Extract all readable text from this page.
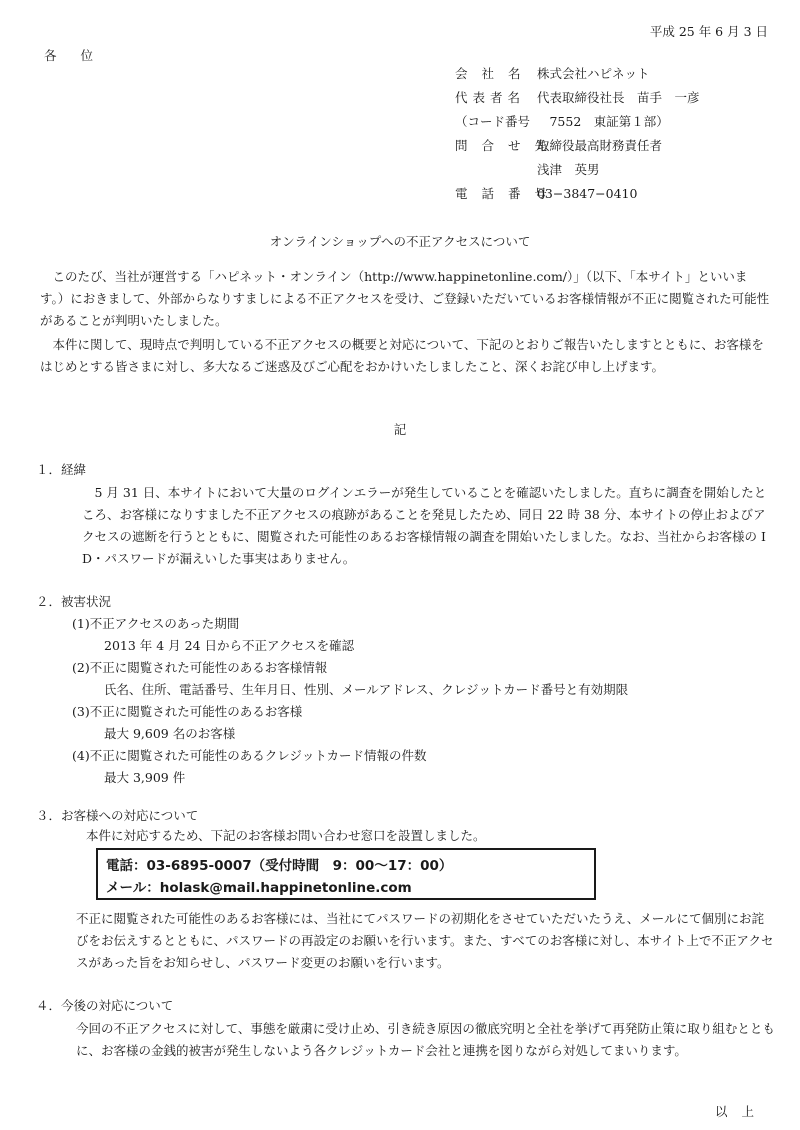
平成 25 年 6 月 3 日
各 位
会 社 名 株式会社ハピネット
代表者名 代表取締役社長　苗手　一彦
（コード番号 　7552　東証第１部）
問 合 せ 先 取締役最高財務責任者
浅津　英男
電 話 番 号 03−3847−0410
オンラインショップへの不正アクセスについて
このたび、当社が運営する「ハピネット・オンライン（http://www.happinetonline.com/）」（以下、「本サイト」といいます。）におきまして、外部からなりすましによる不正アクセスを受け、ご登録いただいているお客様情報が不正に閲覧された可能性があることが判明いたしました。
本件に関して、現時点で判明している不正アクセスの概要と対応について、下記のとおりご報告いたしますとともに、お客様をはじめとする皆さまに対し、多大なるご迷惑及びご心配をおかけいたしましたこと、深くお詫び申し上げます。
記
１．経緯
5 月 31 日、本サイトにおいて大量のログインエラーが発生していることを確認いたしました。直ちに調査を開始したところ、お客様になりすました不正アクセスの痕跡があることを発見したため、同日 22 時 38 分、本サイトの停止およびアクセスの遮断を行うとともに、閲覧された可能性のあるお客様情報の調査を開始いたしました。なお、当社からお客様の ID・パスワードが漏えいした事実はありません。
２．被害状況
(1)不正アクセスのあった期間
2013 年 4 月 24 日から不正アクセスを確認
(2)不正に閲覧された可能性のあるお客様情報
氏名、住所、電話番号、生年月日、性別、メールアドレス、クレジットカード番号と有効期限
(3)不正に閲覧された可能性のあるお客様
最大 9,609 名のお客様
(4)不正に閲覧された可能性のあるクレジットカード情報の件数
最大 3,909 件
３．お客様への対応について
本件に対応するため、下記のお客様お問い合わせ窓口を設置しました。
電話：03-6895-0007（受付時間　9：00〜17：00）
メール：holask@mail.happinetonline.com
不正に閲覧された可能性のあるお客様には、当社にてパスワードの初期化をさせていただいたうえ、メールにて個別にお詫びをお伝えするとともに、パスワードの再設定のお願いを行います。また、すべてのお客様に対し、本サイト上で不正アクセスがあった旨をお知らせし、パスワード変更のお願いを行います。
４．今後の対応について
今回の不正アクセスに対して、事態を厳粛に受け止め、引き続き原因の徹底究明と全社を挙げて再発防止策に取り組むとともに、お客様の金銭的被害が発生しないよう各クレジットカード会社と連携を図りながら対処してまいります。
以上
